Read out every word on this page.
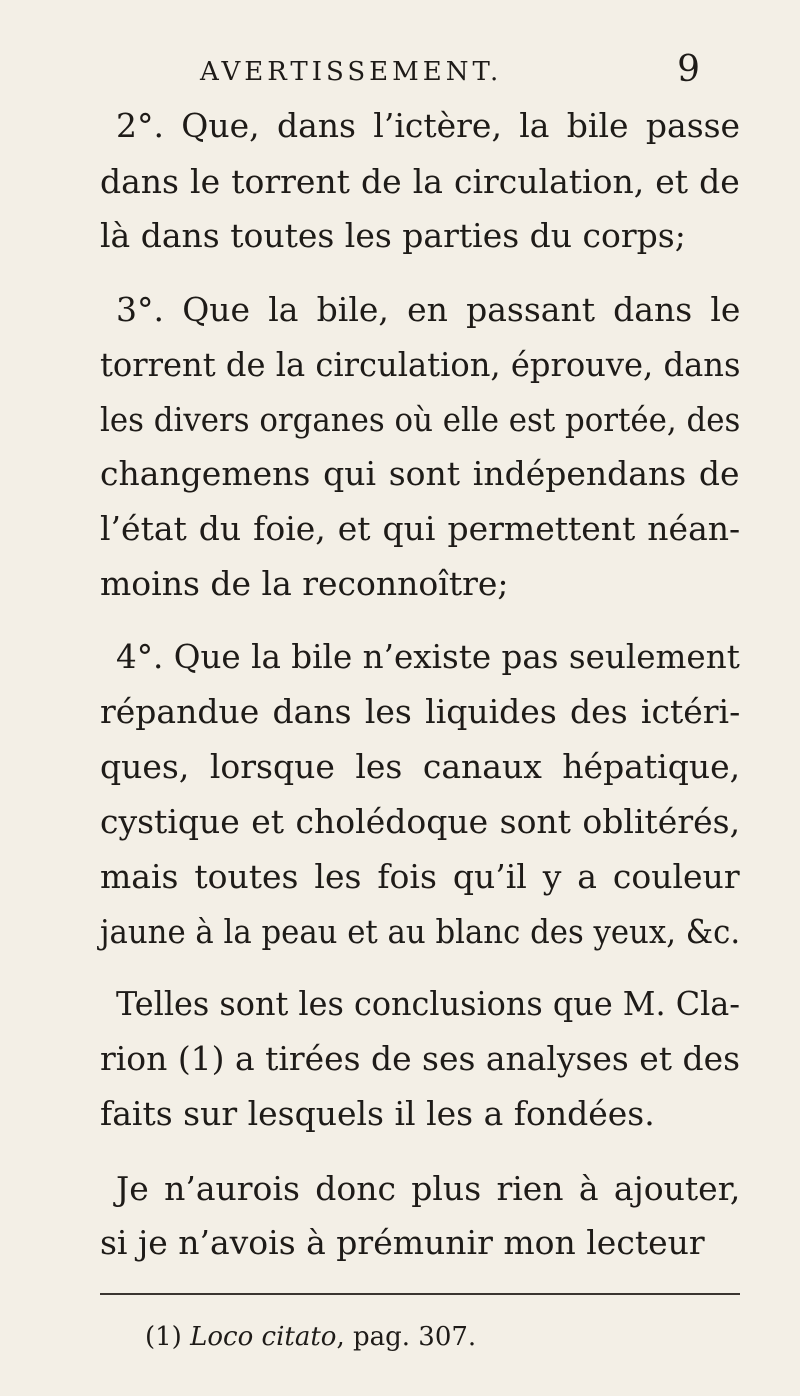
AVERTISSEMENT.	9
2°. Que, dans l’ictère, la bile passe
dans le torrent de la circulation, et de
là dans toutes les parties du corps;
3°. Que la bile, en passant dans le
torrent de la circulation, éprouve, dans
les divers organes où elle est portée, des
changemens qui sont indépendans de
l’état du foie, et qui permettent néan-
moins de la reconnoître;
4°. Que la bile n’existe pas seulement
répandue dans les liquides des ictéri-
ques, lorsque les canaux hépatique,
cystique et cholédoque sont oblitérés,
mais toutes les fois qu’il y a couleur
jaune à la peau et au blanc des yeux, &c.
Telles sont les conclusions que M. Cla-
rion (1) a tirées de ses analyses et des
faits sur lesquels il les a fondées.
Je n’aurois donc plus rien à ajouter,
si je n’avois à prémunir mon lecteur
(1) Loco citato, pag. 307.
